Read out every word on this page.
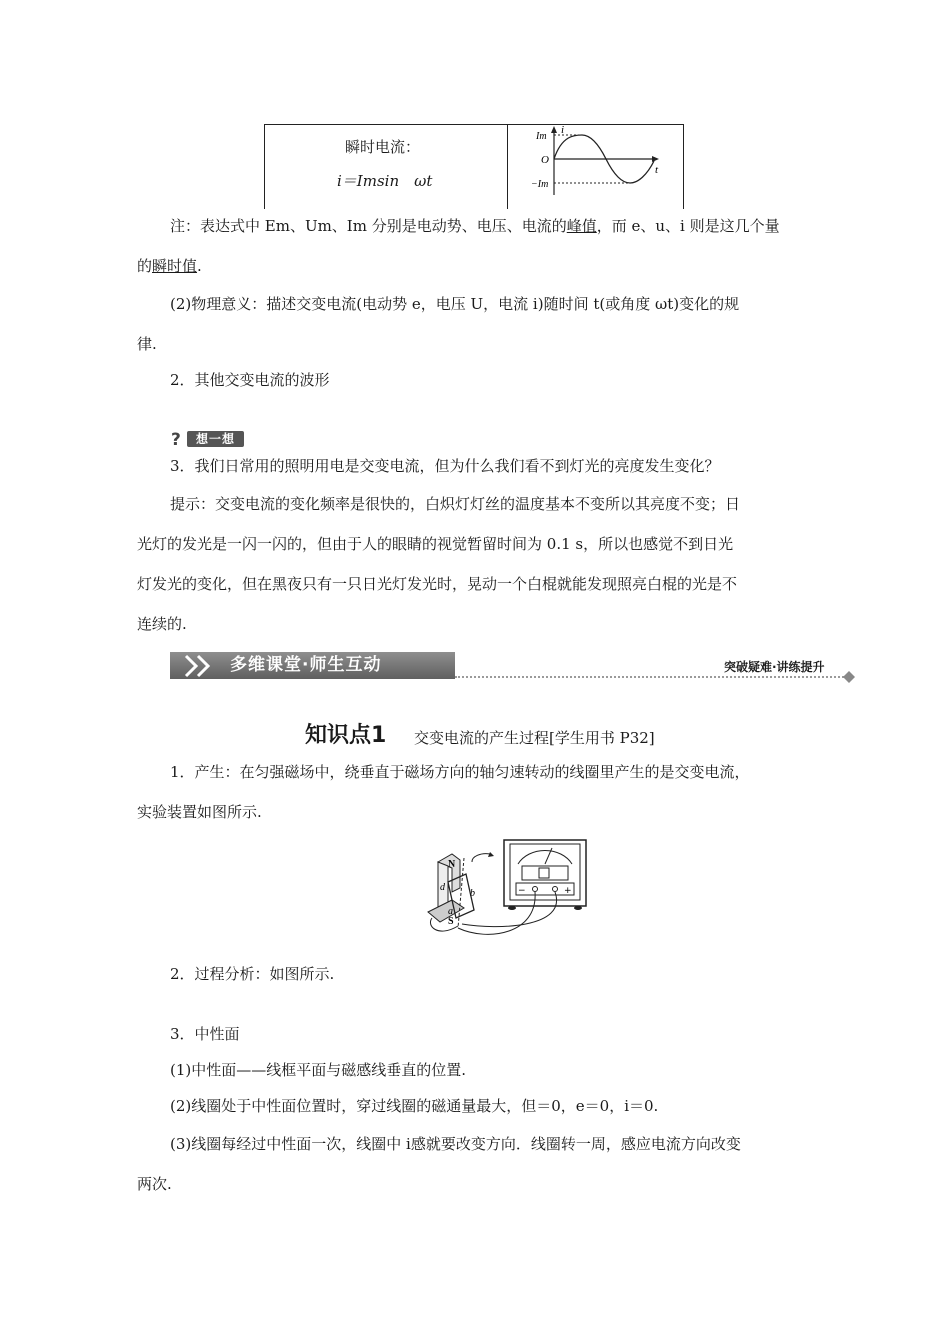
瞬时电流：
i＝Imsin　ωt
i
Im
O
−Im
t
注：表达式中 Em、Um、Im 分别是电动势、电压、电流的峰值，而 e、u、i 则是这几个量
的瞬时值.
(2)物理意义：描述交变电流(电动势 e，电压 U，电流 i)随时间 t(或角度 ωt)变化的规
律.
2．其他交变电流的波形
?	想一想
3．我们日常用的照明用电是交变电流，但为什么我们看不到灯光的亮度发生变化？
提示：交变电流的变化频率是很快的，白炽灯灯丝的温度基本不变所以其亮度不变；日
光灯的发光是一闪一闪的，但由于人的眼睛的视觉暂留时间为 0.1 s，所以也感觉不到日光
灯发光的变化，但在黑夜只有一只日光灯发光时，晃动一个白棍就能发现照亮白棍的光是不
连续的.
多维课堂·师生互动	突破疑难·讲练提升
知识点1 交变电流的产生过程[学生用书 P32]
1．产生：在匀强磁场中，绕垂直于磁场方向的轴匀速转动的线圈里产生的是交变电流，
实验装置如图所示.
−	+
N
S
d
b
a
2．过程分析：如图所示.
3．中性面
(1)中性面——线框平面与磁感线垂直的位置.
(2)线圈处于中性面位置时，穿过线圈的磁通量最大，但＝0，e＝0，i＝0.
(3)线圈每经过中性面一次，线圈中 i感就要改变方向．线圈转一周，感应电流方向改变
两次.
